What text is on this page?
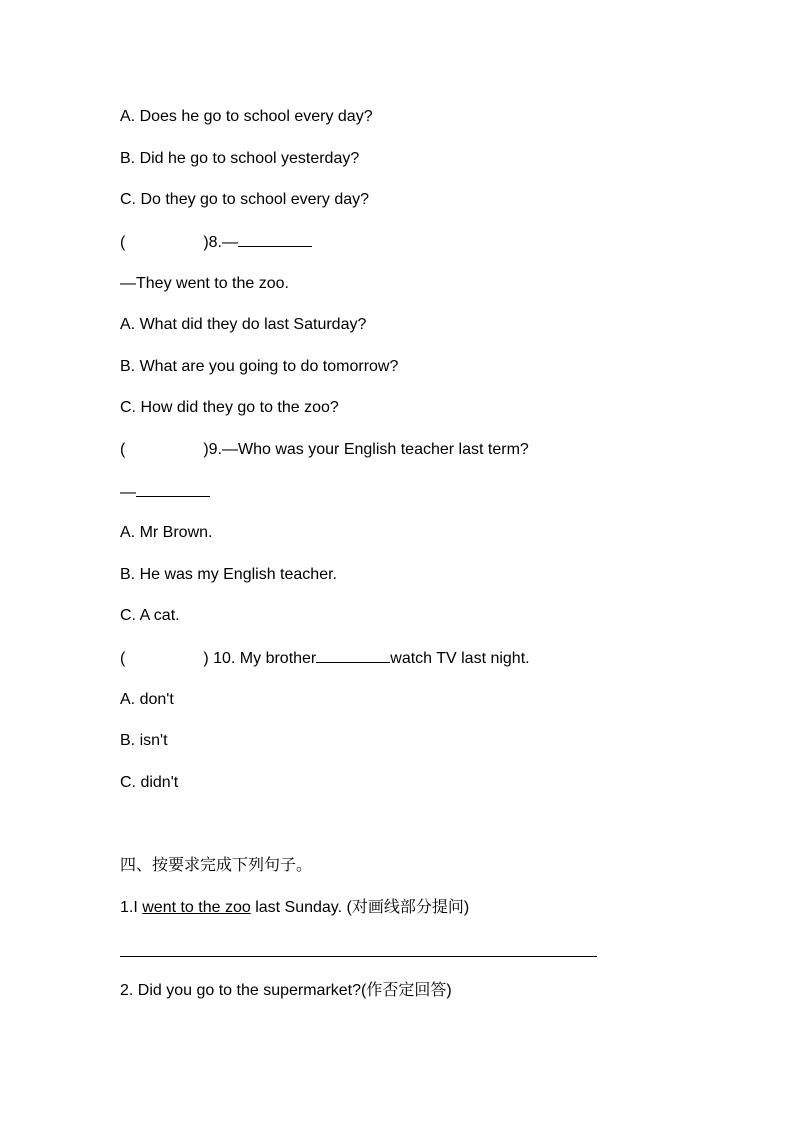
A. Does he go to school every day?
B. Did he go to school yesterday?
C. Do they go to school every day?
(	)8.—
—They went to the zoo.
A. What did they do last Saturday?
B. What are you going to do tomorrow?
C. How did they go to the zoo?
(	)9.—Who was your English teacher last term?
—
A. Mr Brown.
B. He was my English teacher.
C. A cat.
(	) 10. My brother	watch TV last night.
A. don't
B. isn't
C. didn't
四、按要求完成下列句子。
1.I went to the zoo last Sunday. (对画线部分提问)
2. Did you go to the supermarket?(作否定回答)
